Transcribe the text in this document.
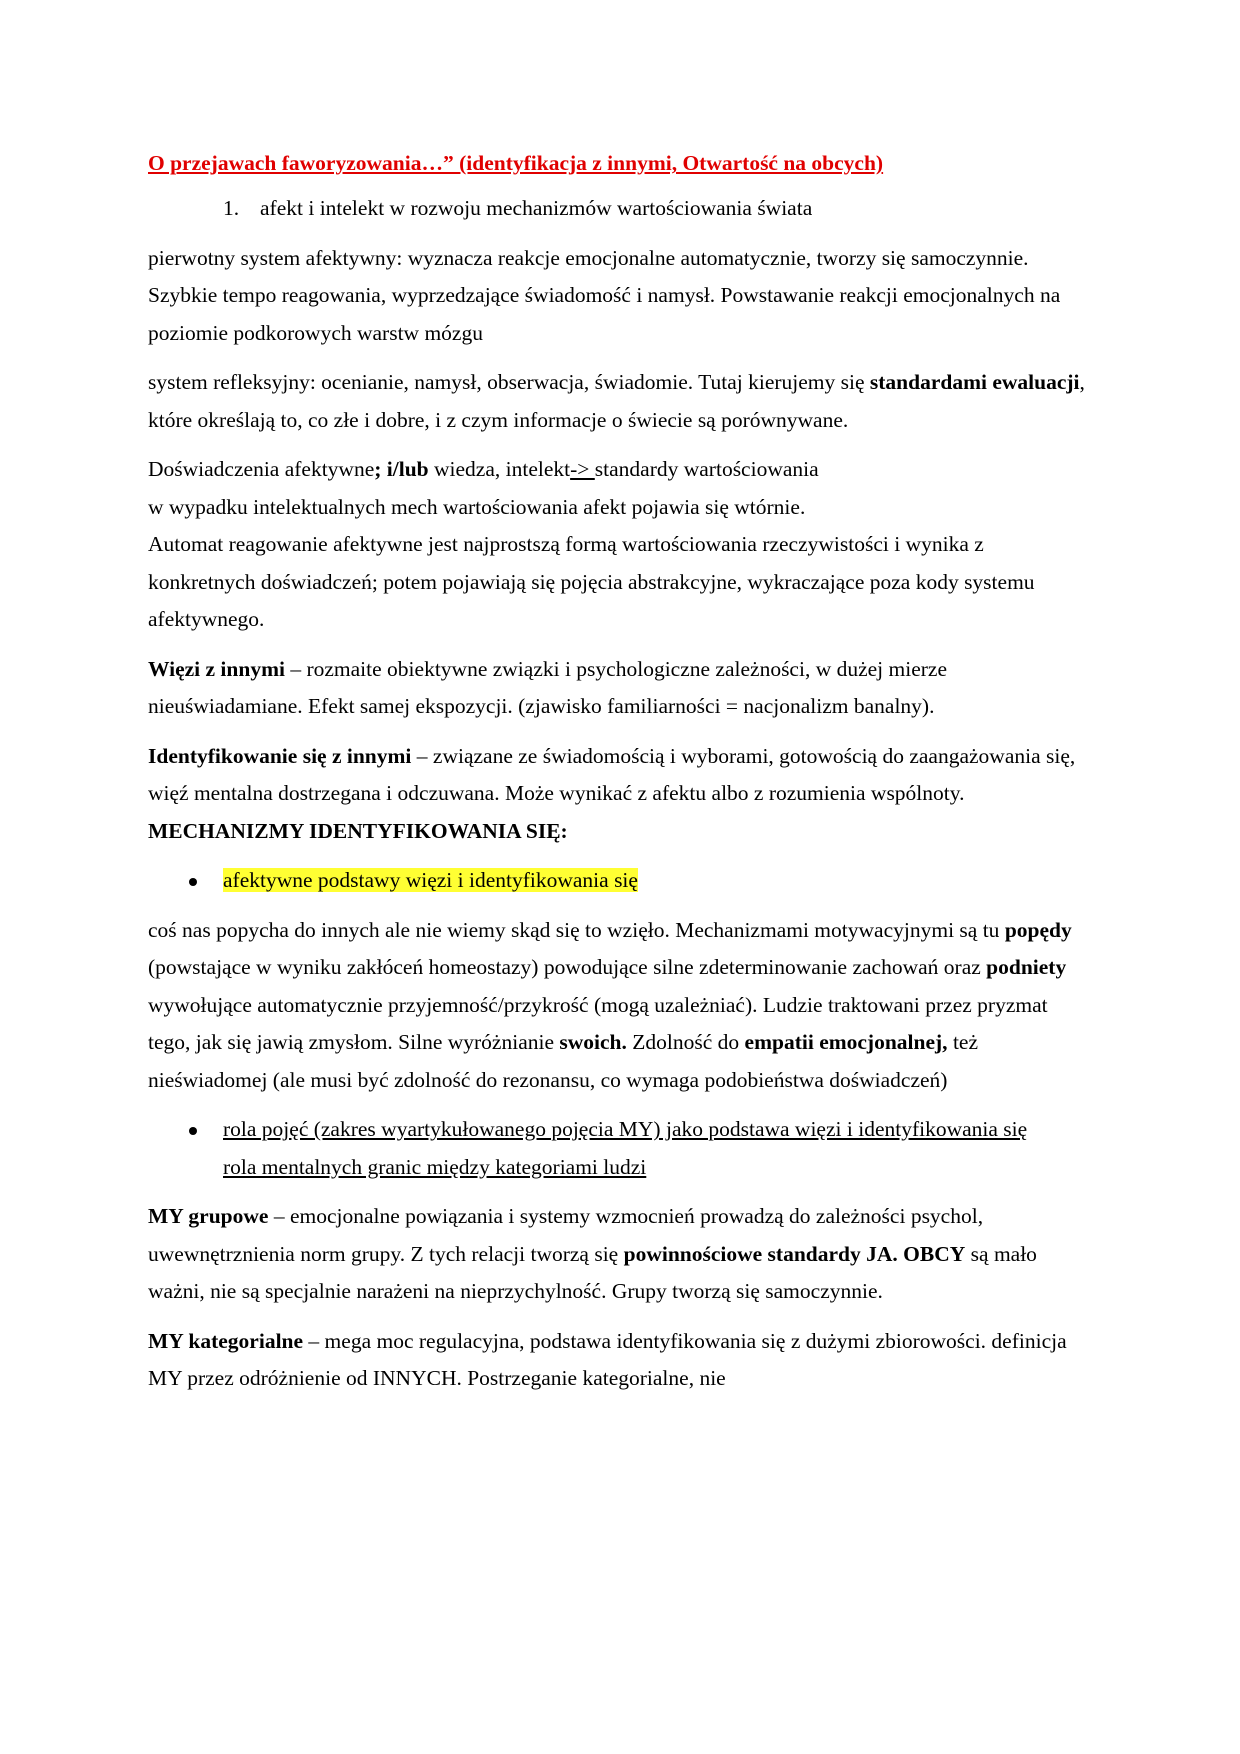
O przejawach faworyzowania…” (identyfikacja z innymi, Otwartość na obcych)
1. afekt i intelekt w rozwoju mechanizmów wartościowania świata
pierwotny system afektywny: wyznacza reakcje emocjonalne automatycznie, tworzy się samoczynnie. Szybkie tempo reagowania, wyprzedzające świadomość i namysł. Powstawanie reakcji emocjonalnych na poziomie podkorowych warstw mózgu
system refleksyjny: ocenianie, namysł, obserwacja, świadomie. Tutaj kierujemy się standardami ewaluacji, które określają to, co złe i dobre, i z czym informacje o świecie są porównywane.
Doświadczenia afektywne; i/lub wiedza, intelekt-> standardy wartościowania
w wypadku intelektualnych mech wartościowania afekt pojawia się wtórnie.
Automat reagowanie afektywne jest najprostszą formą wartościowania rzeczywistości i wynika z konkretnych doświadczeń; potem pojawiają się pojęcia abstrakcyjne, wykraczające poza kody systemu afektywnego.
Więzi z innymi – rozmaite obiektywne związki i psychologiczne zależności, w dużej mierze nieuświadamiane. Efekt samej ekspozycji. (zjawisko familiarności = nacjonalizm banalny).
Identyfikowanie się z innymi – związane ze świadomością i wyborami, gotowością do zaangażowania się, więź mentalna dostrzegana i odczuwana. Może wynikać z afektu albo z rozumienia wspólnoty. MECHANIZMY IDENTYFIKOWANIA SIĘ:
afektywne podstawy więzi i identyfikowania się
coś nas popycha do innych ale nie wiemy skąd się to wzięło. Mechanizmami motywacyjnymi są tu popędy (powstające w wyniku zakłóceń homeostazy) powodujące silne zdeterminowanie zachowań oraz podniety wywołujące automatycznie przyjemność/przykrość (mogą uzależniać). Ludzie traktowani przez pryzmat tego, jak się jawią zmysłom. Silne wyróżnianie swoich. Zdolność do empatii emocjonalnej, też nieświadomej (ale musi być zdolność do rezonansu, co wymaga podobieństwa doświadczeń)
rola pojęć (zakres wyartykułowanego pojęcia MY) jako podstawa więzi i identyfikowania się
rola mentalnych granic między kategoriami ludzi
MY grupowe – emocjonalne powiązania i systemy wzmocnień prowadzą do zależności psychol, uwewnętrznienia norm grupy. Z tych relacji tworzą się powinnościowe standardy JA. OBCY są mało ważni, nie są specjalnie narażeni na nieprzychylność. Grupy tworzą się samoczynnie.
MY kategorialne – mega moc regulacyjna, podstawa identyfikowania się z dużymi zbiorowości. definicja MY przez odróżnienie od INNYCH. Postrzeganie kategorialne, nie
